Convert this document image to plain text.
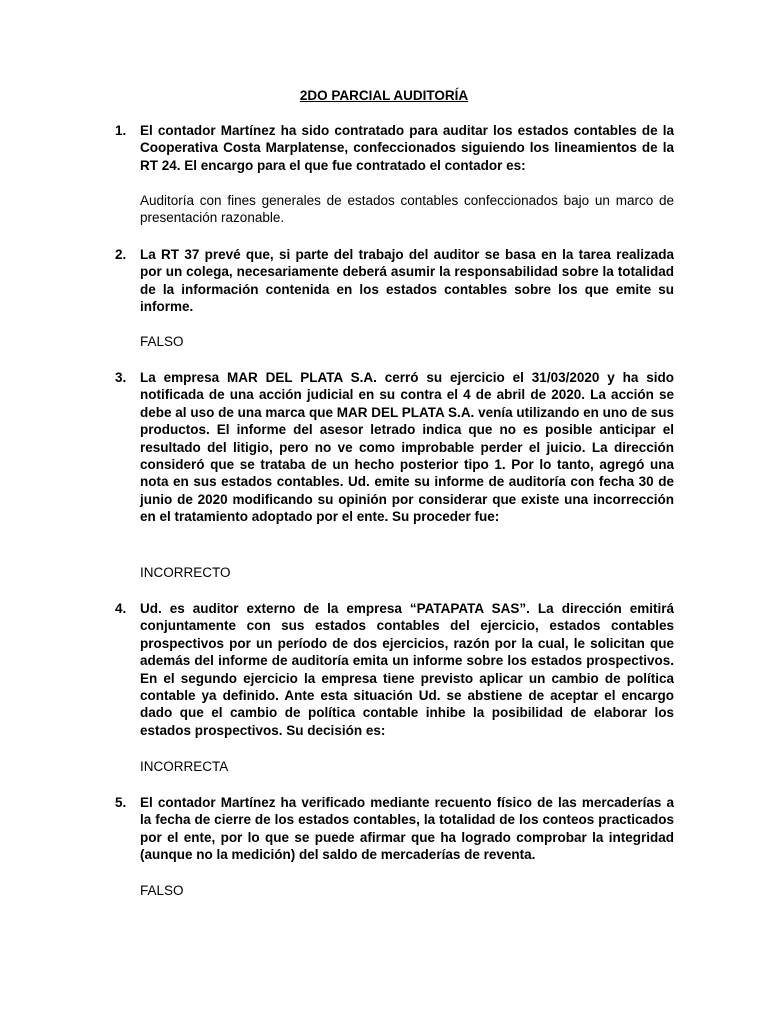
2DO PARCIAL AUDITORÍA
1. El contador Martínez ha sido contratado para auditar los estados contables de la Cooperativa Costa Marplatense, confeccionados siguiendo los lineamientos de la RT 24. El encargo para el que fue contratado el contador es:
Auditoría con fines generales de estados contables confeccionados bajo un marco de presentación razonable.
2. La RT 37 prevé que, si parte del trabajo del auditor se basa en la tarea realizada por un colega, necesariamente deberá asumir la responsabilidad sobre la totalidad de la información contenida en los estados contables sobre los que emite su informe.
FALSO
3. La empresa MAR DEL PLATA S.A. cerró su ejercicio el 31/03/2020 y ha sido notificada de una acción judicial en su contra el 4 de abril de 2020. La acción se debe al uso de una marca que MAR DEL PLATA S.A. venía utilizando en uno de sus productos. El informe del asesor letrado indica que no es posible anticipar el resultado del litigio, pero no ve como improbable perder el juicio. La dirección consideró que se trataba de un hecho posterior tipo 1. Por lo tanto, agregó una nota en sus estados contables. Ud. emite su informe de auditoría con fecha 30 de junio de 2020 modificando su opinión por considerar que existe una incorrección en el tratamiento adoptado por el ente. Su proceder fue:
INCORRECTO
4. Ud. es auditor externo de la empresa “PATAPATA SAS”. La dirección emitirá conjuntamente con sus estados contables del ejercicio, estados contables prospectivos por un período de dos ejercicios, razón por la cual, le solicitan que además del informe de auditoría emita un informe sobre los estados prospectivos. En el segundo ejercicio la empresa tiene previsto aplicar un cambio de política contable ya definido. Ante esta situación Ud. se abstiene de aceptar el encargo dado que el cambio de política contable inhibe la posibilidad de elaborar los estados prospectivos. Su decisión es:
INCORRECTA
5. El contador Martínez ha verificado mediante recuento físico de las mercaderías a la fecha de cierre de los estados contables, la totalidad de los conteos practicados por el ente, por lo que se puede afirmar que ha logrado comprobar la integridad (aunque no la medición) del saldo de mercaderías de reventa.
FALSO
